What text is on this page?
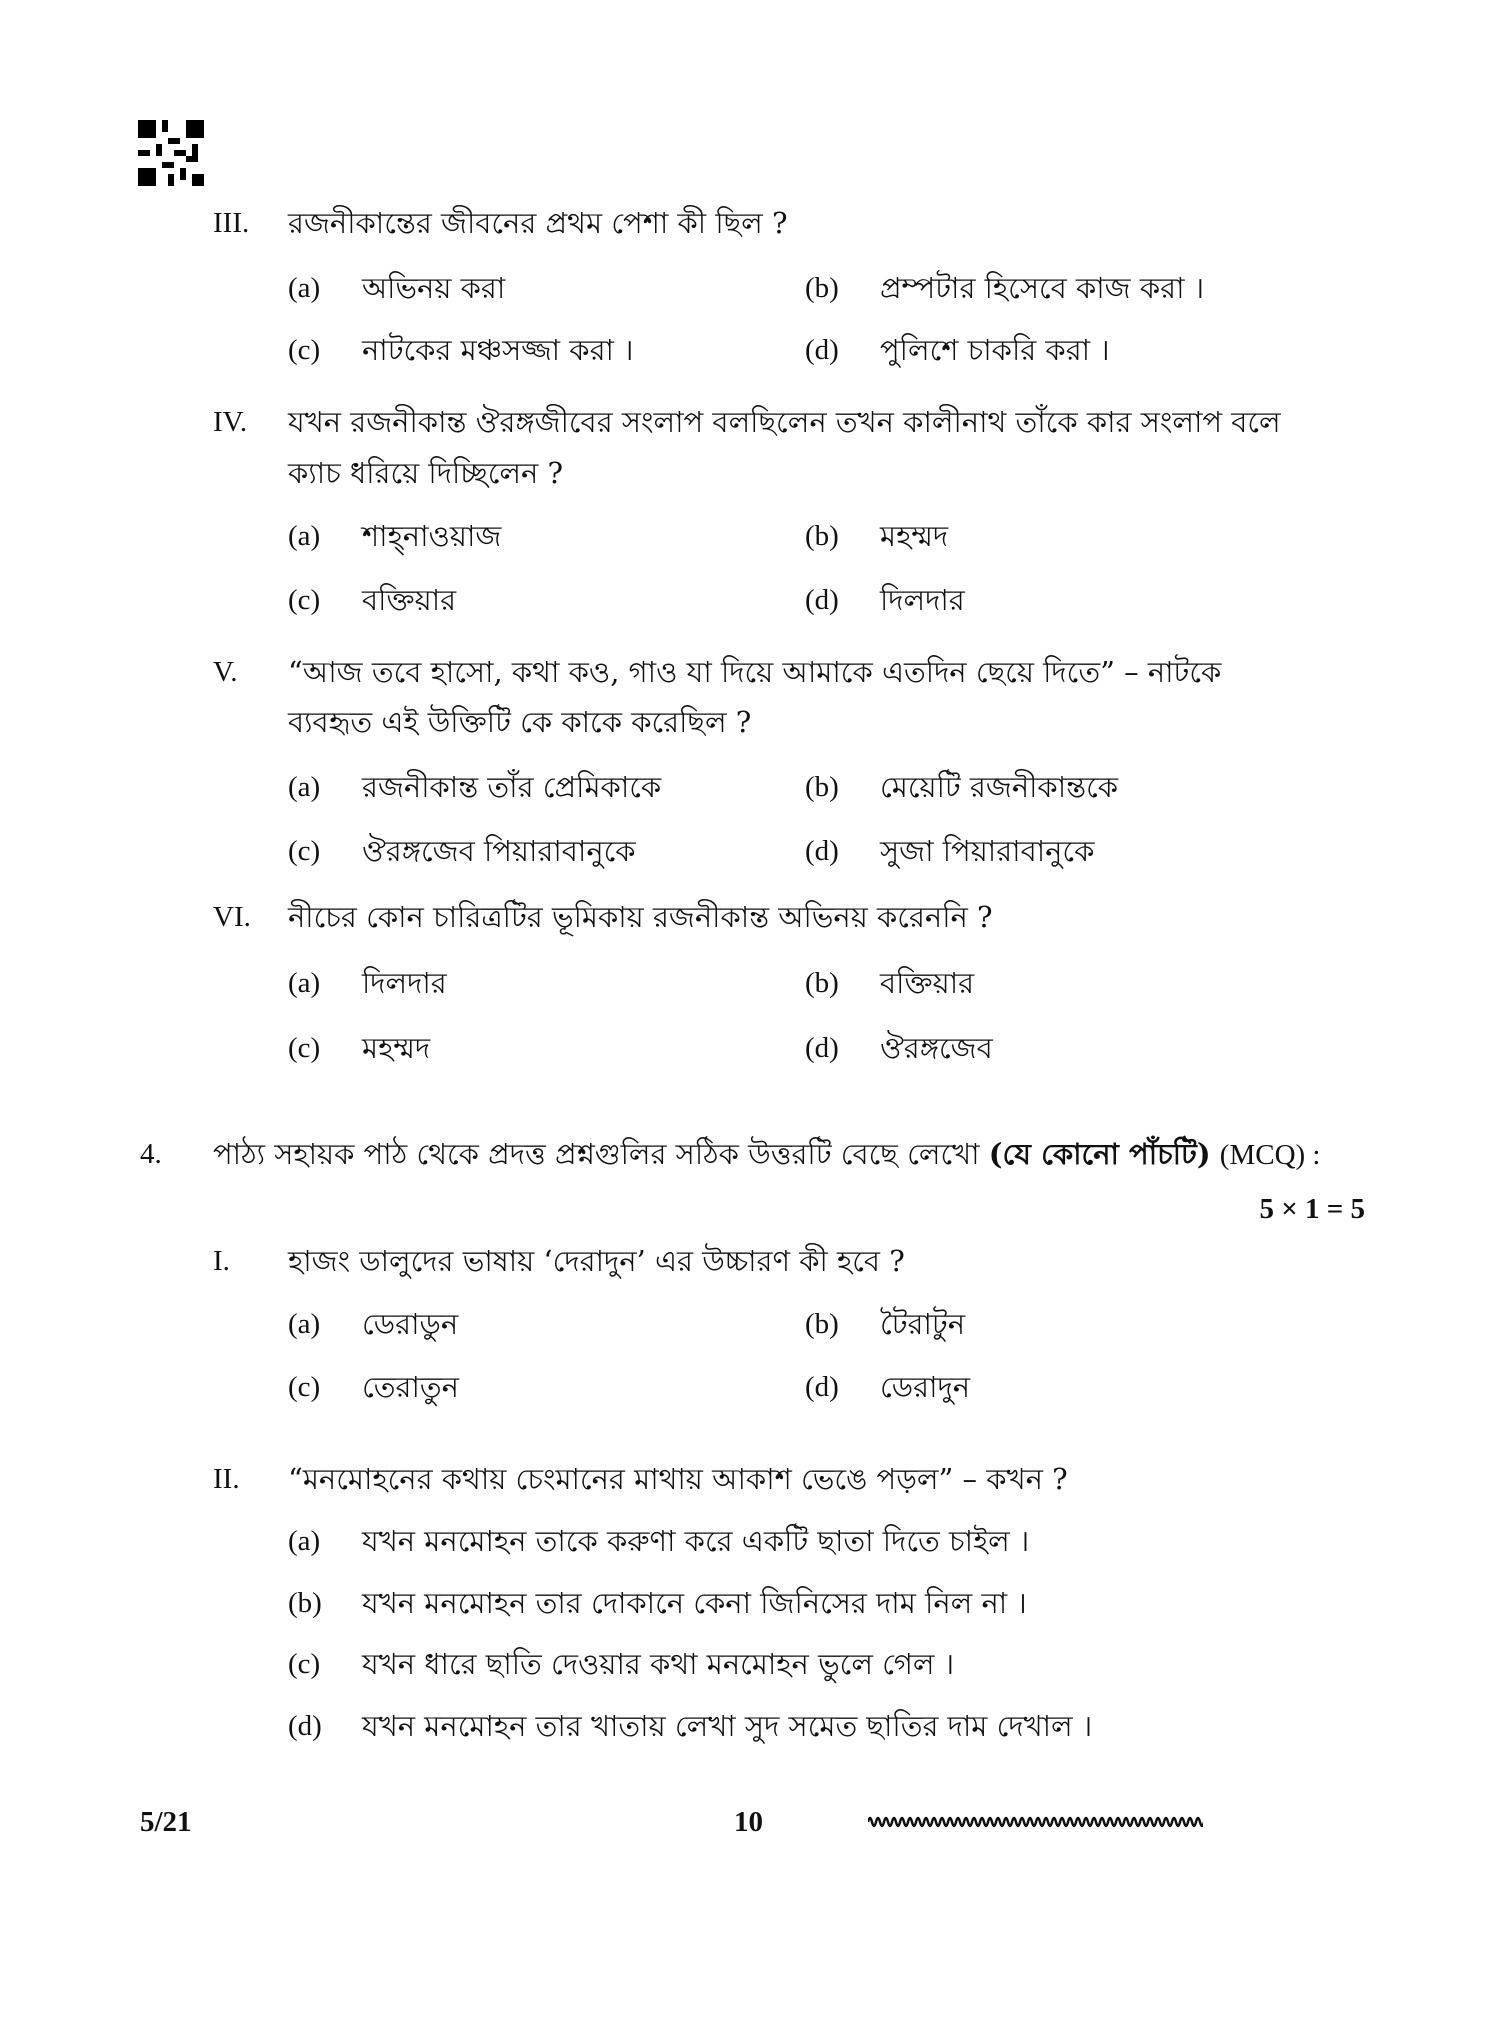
III. রজনীকান্তের জীবনের প্রথম পেশা কী ছিল ?
(a) অভিনয় করা	(b) প্রম্পটার হিসেবে কাজ করা ।
(c) নাটকের মঞ্চসজ্জা করা ।	(d) পুলিশে চাকরি করা ।
IV. যখন রজনীকান্ত ঔরঙ্গজীবের সংলাপ বলছিলেন তখন কালীনাথ তাঁকে কার সংলাপ বলে
ক্যাচ ধরিয়ে দিচ্ছিলেন ?
(a) শাহ্‌নাওয়াজ	(b) মহম্মদ
(c) বক্তিয়ার	(d) দিলদার
V. “আজ তবে হাসো, কথা কও, গাও যা দিয়ে আমাকে এতদিন ছেয়ে দিতে” – নাটকে
ব্যবহৃত এই উক্তিটি কে কাকে করেছিল ?
(a) রজনীকান্ত তাঁর প্রেমিকাকে	(b) মেয়েটি রজনীকান্তকে
(c) ঔরঙ্গজেব পিয়ারাবানুকে	(d) সুজা পিয়ারাবানুকে
VI. নীচের কোন চারিত্রটির ভূমিকায় রজনীকান্ত অভিনয় করেননি ?
(a) দিলদার	(b) বক্তিয়ার
(c) মহম্মদ	(d) ঔরঙ্গজেব
4. পাঠ্য সহায়ক পাঠ থেকে প্রদত্ত প্রশ্নগুলির সঠিক উত্তরটি বেছে লেখো (যে কোনো পাঁচটি) (MCQ) :
5 × 1 = 5
I. হাজং ডালুদের ভাষায় ‘দেরাদুন’ এর উচ্চারণ কী হবে ?
(a) ডেরাডুন	(b) টৈরাটুন
(c) তেরাতুন	(d) ডেরাদুন
II. “মনমোহনের কথায় চেংমানের মাথায় আকাশ ভেঙে পড়ল” – কখন ?
(a) যখন মনমোহন তাকে করুণা করে একটি ছাতা দিতে চাইল ।
(b) যখন মনমোহন তার দোকানে কেনা জিনিসের দাম নিল না ।
(c) যখন ধারে ছাতি দেওয়ার কথা মনমোহন ভুলে গেল ।
(d) যখন মনমোহন তার খাতায় লেখা সুদ সমেত ছাতির দাম দেখাল ।
5/21	10
